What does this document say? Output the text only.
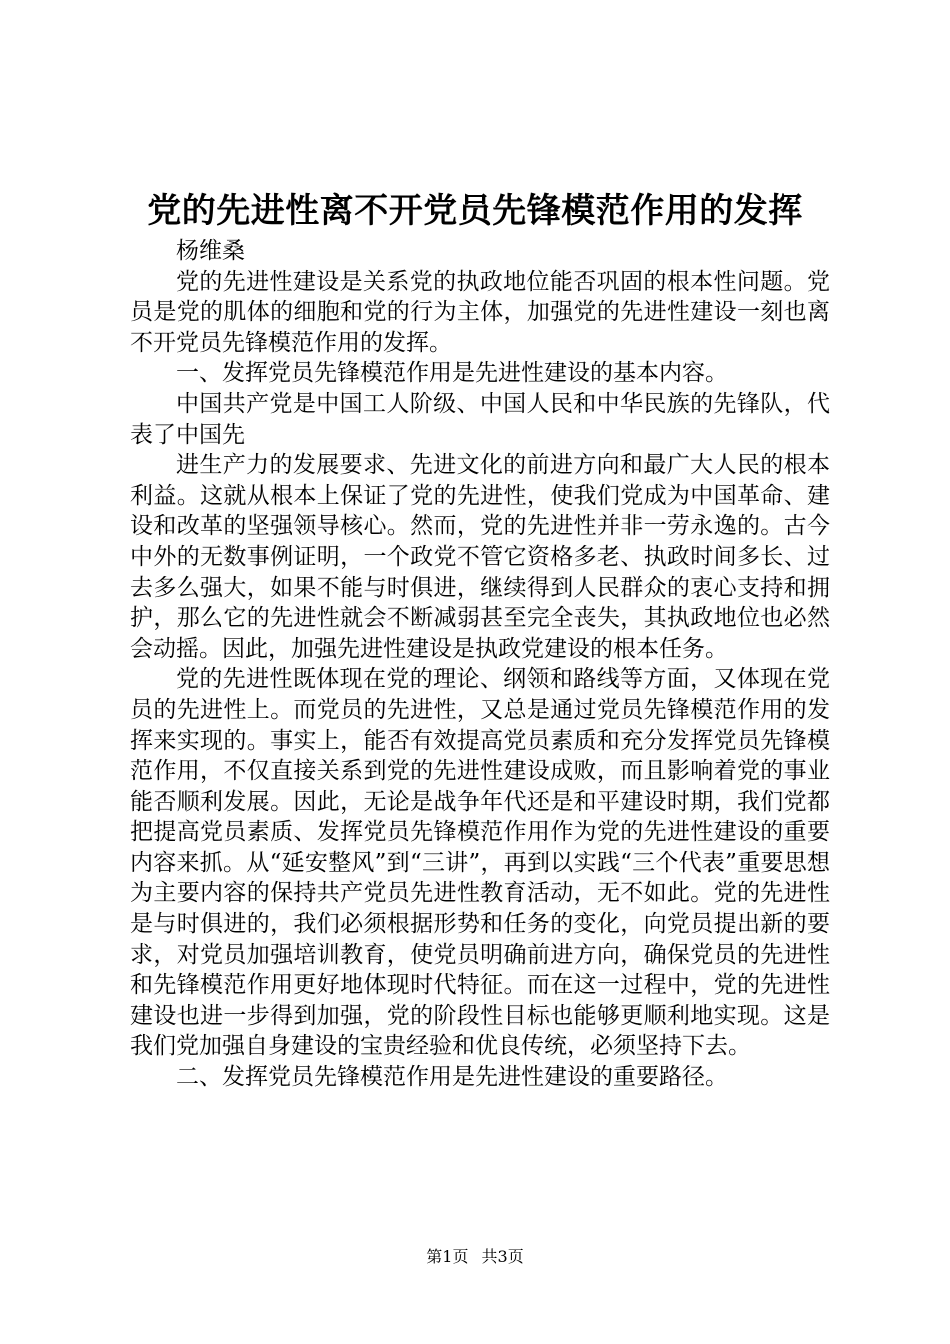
党的先进性离不开党员先锋模范作用的发挥

杨维桑

党的先进性建设是关系党的执政地位能否巩固的根本性问题。党员是党的肌体的细胞和党的行为主体，加强党的先进性建设一刻也离不开党员先锋模范作用的发挥。

一、发挥党员先锋模范作用是先进性建设的基本内容。

中国共产党是中国工人阶级、中国人民和中华民族的先锋队，代表了中国先

进生产力的发展要求、先进文化的前进方向和最广大人民的根本利益。这就从根本上保证了党的先进性，使我们党成为中国革命、建设和改革的坚强领导核心。然而，党的先进性并非一劳永逸的。古今中外的无数事例证明，一个政党不管它资格多老、执政时间多长、过去多么强大，如果不能与时俱进，继续得到人民群众的衷心支持和拥护，那么它的先进性就会不断减弱甚至完全丧失，其执政地位也必然会动摇。因此，加强先进性建设是执政党建设的根本任务。

党的先进性既体现在党的理论、纲领和路线等方面，又体现在党员的先进性上。而党员的先进性，又总是通过党员先锋模范作用的发挥来实现的。事实上，能否有效提高党员素质和充分发挥党员先锋模范作用，不仅直接关系到党的先进性建设成败，而且影响着党的事业能否顺利发展。因此，无论是战争年代还是和平建设时期，我们党都把提高党员素质、发挥党员先锋模范作用作为党的先进性建设的重要内容来抓。从“延安整风”到“三讲”，再到以实践“三个代表”重要思想为主要内容的保持共产党员先进性教育活动，无不如此。党的先进性是与时俱进的，我们必须根据形势和任务的变化，向党员提出新的要求，对党员加强培训教育，使党员明确前进方向，确保党员的先进性和先锋模范作用更好地体现时代特征。而在这一过程中，党的先进性建设也进一步得到加强，党的阶段性目标也能够更顺利地实现。这是我们党加强自身建设的宝贵经验和优良传统，必须坚持下去。

二、发挥党员先锋模范作用是先进性建设的重要路径。

第1页 共3页
